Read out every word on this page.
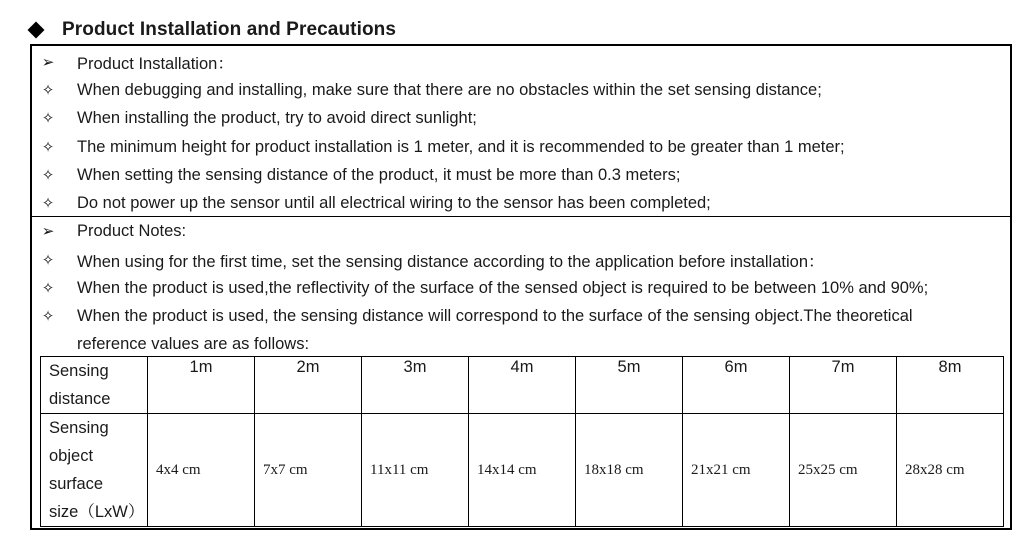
Product Installation and Precautions
➢	Product Installation：
✧	When debugging and installing, make sure that there are no obstacles within the set sensing distance;
✧	When installing the product, try to avoid direct sunlight;
✧	The minimum height for product installation is 1 meter, and it is recommended to be greater than 1 meter;
✧	When setting the sensing distance of the product, it must be more than 0.3 meters;
✧	Do not power up the sensor until all electrical wiring to the sensor has been completed;
➢	Product Notes:
✧	When using for the first time, set the sensing distance according to the application before installation：
✧	When the product is used,the reflectivity of the surface of the sensed object is required to be between 10% and 90%;
✧	When the product is used, the sensing distance will correspond to the surface of the sensing object.The theoretical
reference values are as follows:
Sensing
distance	1m	2m	3m	4m	5m	6m	7m	8m

Sensing
object
surface
size（LxW）	4x4 cm	7x7 cm	11x11 cm	14x14 cm	18x18 cm	21x21 cm	25x25 cm	28x28 cm
